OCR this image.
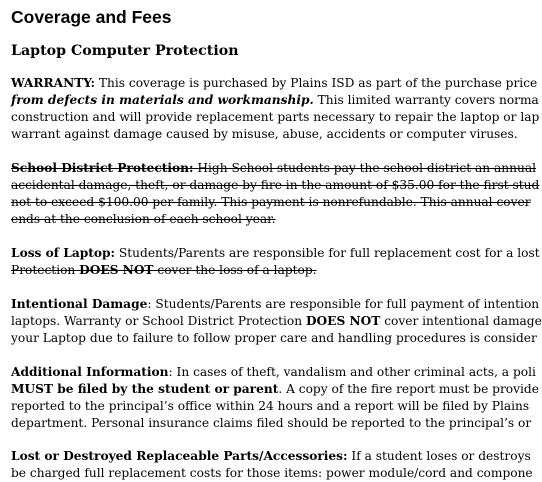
Coverage and Fees
Laptop Computer Protection
WARRANTY: This coverage is purchased by Plains ISD as part of the purchase price
from defects in materials and workmanship. This limited warranty covers norma
construction and will provide replacement parts necessary to repair the laptop or lap
warrant against damage caused by misuse, abuse, accidents or computer viruses.
School District Protection: High School students pay the school district an annual
accidental damage, theft, or damage by fire in the amount of $35.00 for the first stud
not to exceed $100.00 per family. This payment is nonrefundable. This annual cover
ends at the conclusion of each school year.
Loss of Laptop: Students/Parents are responsible for full replacement cost for a lost
Protection DOES NOT cover the loss of a laptop.
Intentional Damage: Students/Parents are responsible for full payment of intention
laptops. Warranty or School District Protection DOES NOT cover intentional damage
your Laptop due to failure to follow proper care and handling procedures is consider
Additional Information: In cases of theft, vandalism and other criminal acts, a poli
MUST be filed by the student or parent. A copy of the fire report must be provide
reported to the principal’s office within 24 hours and a report will be filed by Plains
department. Personal insurance claims filed should be reported to the principal’s or
Lost or Destroyed Replaceable Parts/Accessories: If a student loses or destroys
be charged full replacement costs for those items: power module/cord and compone
